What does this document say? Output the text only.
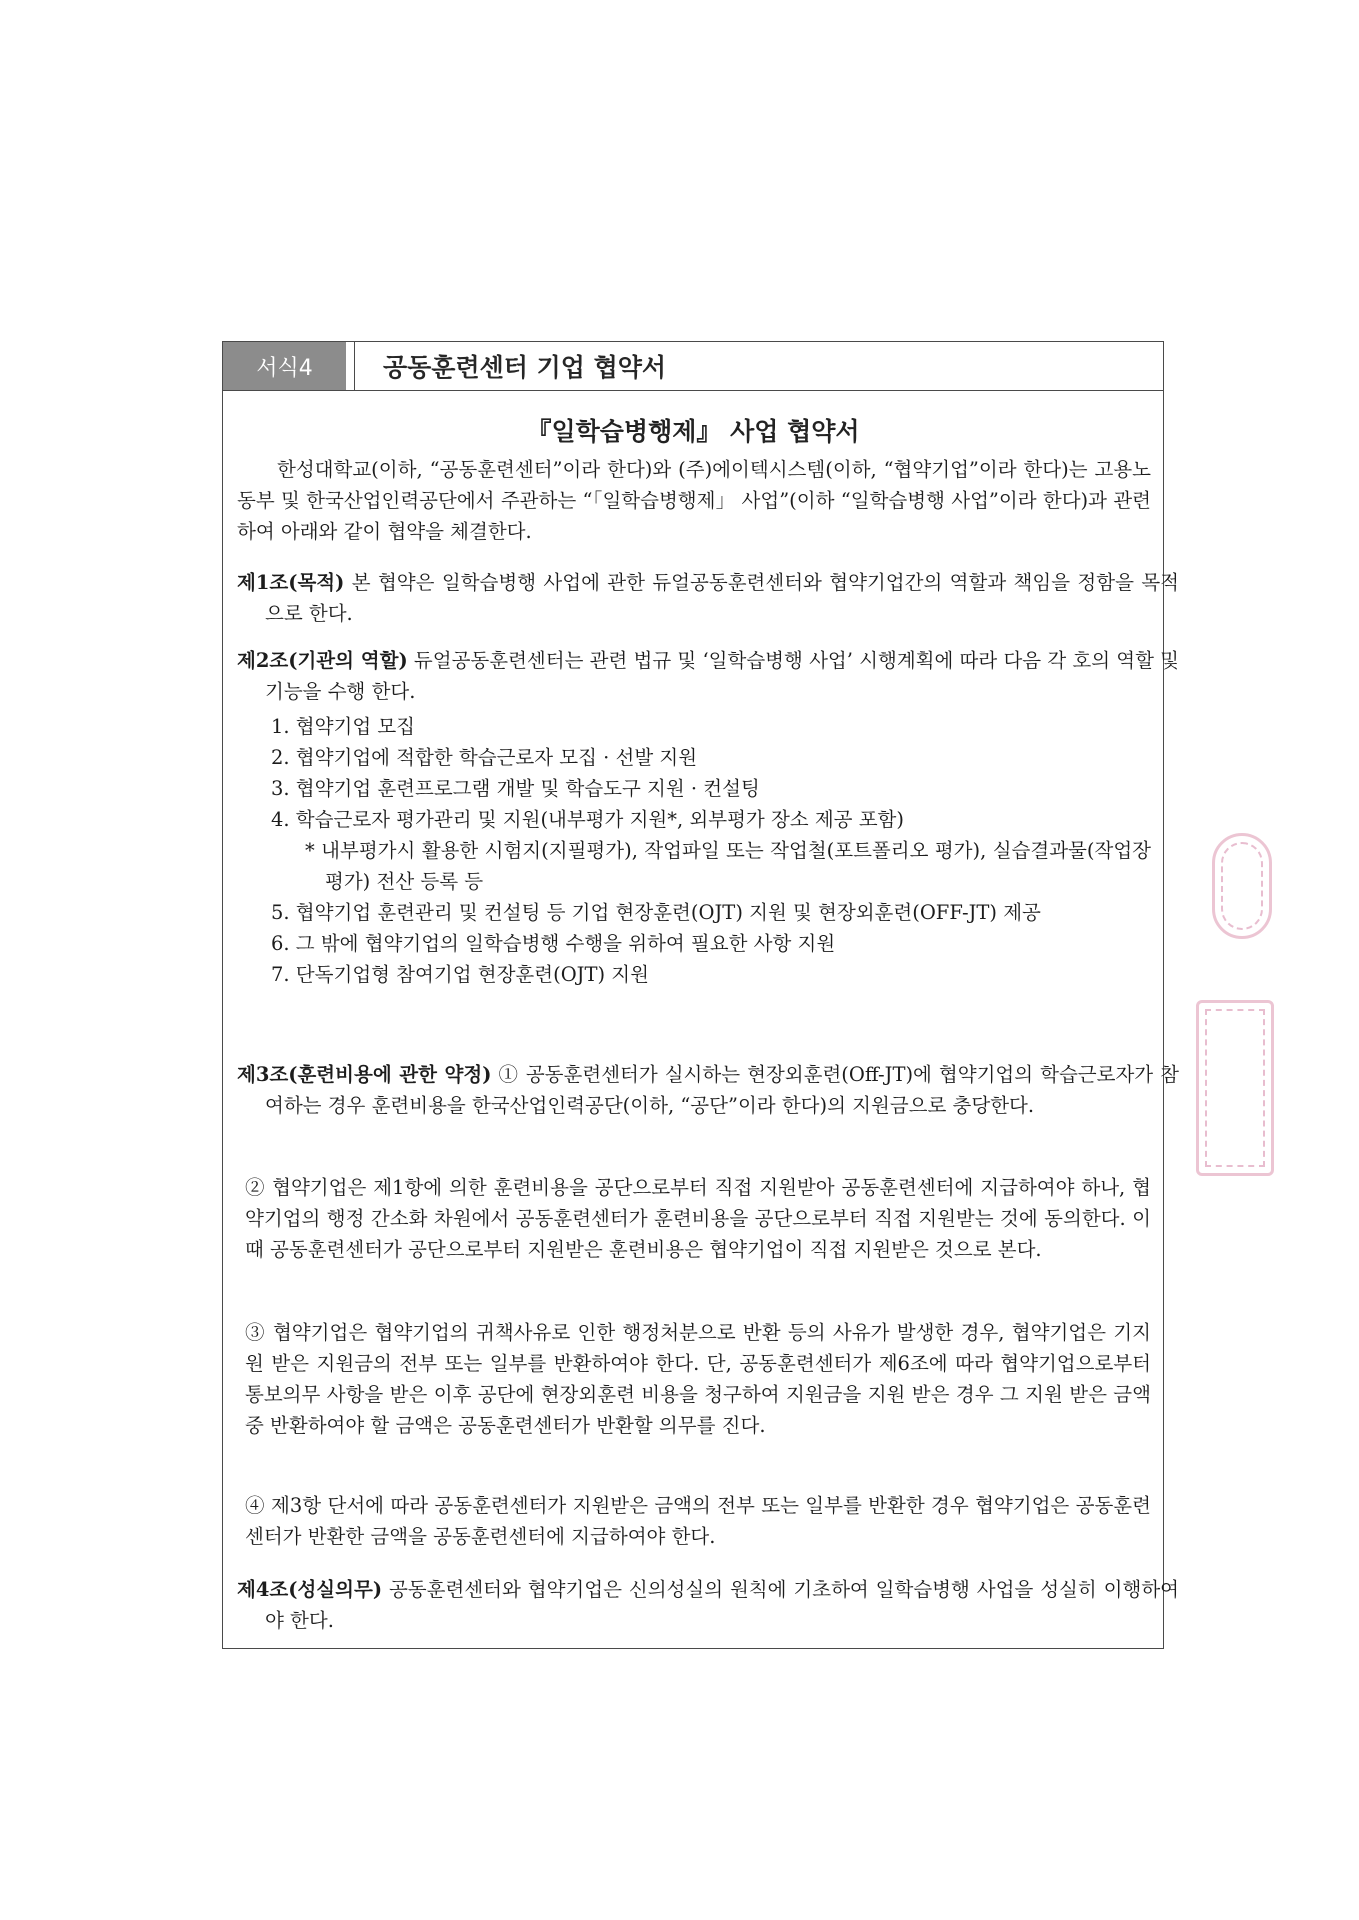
서식4	공동훈련센터 기업 협약서
『일학습병행제』 사업 협약서
한성대학교(이하, “공동훈련센터”이라 한다)와 (주)에이텍시스템(이하, “협약기업”이라 한다)는 고용노동부 및 한국산업인력공단에서 주관하는 “「일학습병행제」 사업”(이하 “일학습병행 사업”이라 한다)과 관련하여 아래와 같이 협약을 체결한다.
제1조(목적) 본 협약은 일학습병행 사업에 관한 듀얼공동훈련센터와 협약기업간의 역할과 책임을 정함을 목적으로 한다.
제2조(기관의 역할) 듀얼공동훈련센터는 관련 법규 및 ‘일학습병행 사업’ 시행계획에 따라 다음 각 호의 역할 및 기능을 수행 한다.
1. 협약기업 모집
2. 협약기업에 적합한 학습근로자 모집 · 선발 지원
3. 협약기업 훈련프로그램 개발 및 학습도구 지원 · 컨설팅
4. 학습근로자 평가관리 및 지원(내부평가 지원*, 외부평가 장소 제공 포함)
* 내부평가시 활용한 시험지(지필평가), 작업파일 또는 작업철(포트폴리오 평가), 실습결과물(작업장 평가) 전산 등록 등
5. 협약기업 훈련관리 및 컨설팅 등 기업 현장훈련(OJT) 지원 및 현장외훈련(OFF-JT) 제공
6. 그 밖에 협약기업의 일학습병행 수행을 위하여 필요한 사항 지원
7. 단독기업형 참여기업 현장훈련(OJT) 지원
제3조(훈련비용에 관한 약정) ① 공동훈련센터가 실시하는 현장외훈련(Off-JT)에 협약기업의 학습근로자가 참여하는 경우 훈련비용을 한국산업인력공단(이하, “공단”이라 한다)의 지원금으로 충당한다.
② 협약기업은 제1항에 의한 훈련비용을 공단으로부터 직접 지원받아 공동훈련센터에 지급하여야 하나, 협약기업의 행정 간소화 차원에서 공동훈련센터가 훈련비용을 공단으로부터 직접 지원받는 것에 동의한다. 이 때 공동훈련센터가 공단으로부터 지원받은 훈련비용은 협약기업이 직접 지원받은 것으로 본다.
③ 협약기업은 협약기업의 귀책사유로 인한 행정처분으로 반환 등의 사유가 발생한 경우, 협약기업은 기지원 받은 지원금의 전부 또는 일부를 반환하여야 한다. 단, 공동훈련센터가 제6조에 따라 협약기업으로부터 통보의무 사항을 받은 이후 공단에 현장외훈련 비용을 청구하여 지원금을 지원 받은 경우 그 지원 받은 금액 중 반환하여야 할 금액은 공동훈련센터가 반환할 의무를 진다.
④ 제3항 단서에 따라 공동훈련센터가 지원받은 금액의 전부 또는 일부를 반환한 경우 협약기업은 공동훈련센터가 반환한 금액을 공동훈련센터에 지급하여야 한다.
제4조(성실의무) 공동훈련센터와 협약기업은 신의성실의 원칙에 기초하여 일학습병행 사업을 성실히 이행하여야 한다.
